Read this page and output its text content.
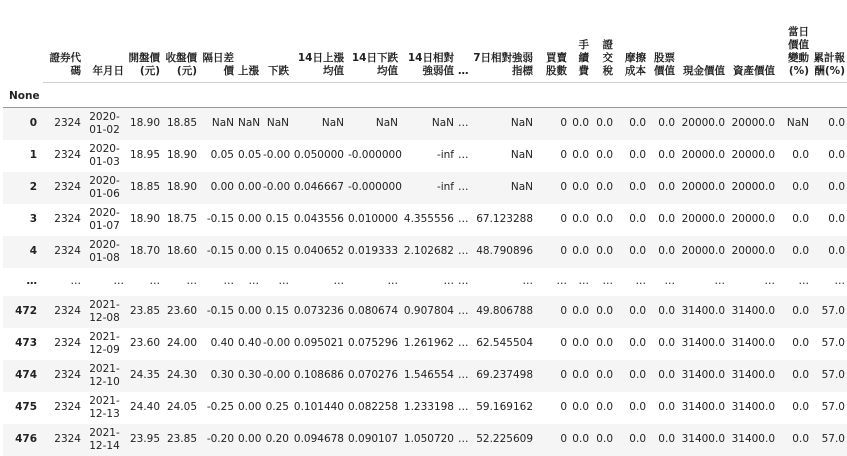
	證券代碼	年月日	開盤價(元)	收盤價(元)	隔日差價	上漲	下跌	14日上漲均值	14日下跌均值	14日相對強弱值	…	7日相對強弱指標	買賣股數	手續費	證交稅	摩擦成本	股票價值	現金價值	資產價值	當日價值變動(%)	累計報酬(%)
None																					
0	2324	2020-01-02	18.90	18.85	NaN	NaN	NaN	NaN	NaN	NaN	…	NaN	0	0.0	0.0	0.0	0.0	20000.0	20000.0	NaN	0.0
1	2324	2020-01-03	18.95	18.90	0.05	0.05	-0.00	0.050000	-0.000000	-inf	…	NaN	0	0.0	0.0	0.0	0.0	20000.0	20000.0	0.0	0.0
2	2324	2020-01-06	18.85	18.90	0.00	0.00	-0.00	0.046667	-0.000000	-inf	…	NaN	0	0.0	0.0	0.0	0.0	20000.0	20000.0	0.0	0.0
3	2324	2020-01-07	18.90	18.75	-0.15	0.00	0.15	0.043556	0.010000	4.355556	…	67.123288	0	0.0	0.0	0.0	0.0	20000.0	20000.0	0.0	0.0
4	2324	2020-01-08	18.70	18.60	-0.15	0.00	0.15	0.040652	0.019333	2.102682	…	48.790896	0	0.0	0.0	0.0	0.0	20000.0	20000.0	0.0	0.0
…	…	…	…	…	…	…	…	…	…	…	…	…	…	…	…	…	…	…	…	…	…
472	2324	2021-12-08	23.85	23.60	-0.15	0.00	0.15	0.073236	0.080674	0.907804	…	49.806788	0	0.0	0.0	0.0	0.0	31400.0	31400.0	0.0	57.0
473	2324	2021-12-09	23.60	24.00	0.40	0.40	-0.00	0.095021	0.075296	1.261962	…	62.545504	0	0.0	0.0	0.0	0.0	31400.0	31400.0	0.0	57.0
474	2324	2021-12-10	24.35	24.30	0.30	0.30	-0.00	0.108686	0.070276	1.546554	…	69.237498	0	0.0	0.0	0.0	0.0	31400.0	31400.0	0.0	57.0
475	2324	2021-12-13	24.40	24.05	-0.25	0.00	0.25	0.101440	0.082258	1.233198	…	59.169162	0	0.0	0.0	0.0	0.0	31400.0	31400.0	0.0	57.0
476	2324	2021-12-14	23.95	23.85	-0.20	0.00	0.20	0.094678	0.090107	1.050720	…	52.225609	0	0.0	0.0	0.0	0.0	31400.0	31400.0	0.0	57.0
